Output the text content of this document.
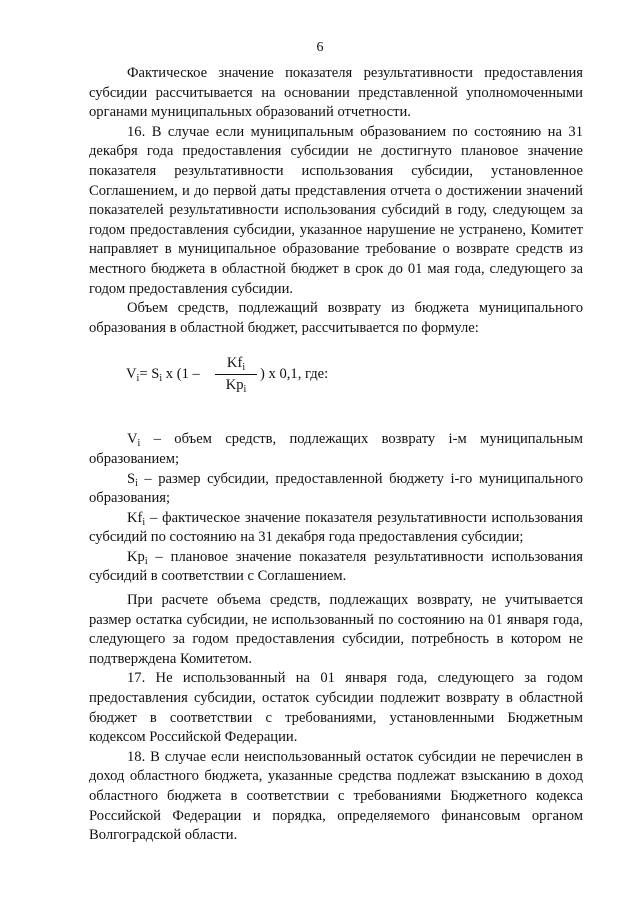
6

Фактическое значение показателя результативности предоставления субсидии рассчитывается на основании представленной уполномоченными органами муниципальных образований отчетности.

16. В случае если муниципальным образованием по состоянию на 31 декабря года предоставления субсидии не достигнуто плановое значение показателя результативности использования субсидии, установленное Соглашением, и до первой даты представления отчета о достижении значений показателей результативности использования субсидий в году, следующем за годом предоставления субсидии, указанное нарушение не устранено, Комитет направляет в муниципальное образование требование о возврате средств из местного бюджета в областной бюджет в срок до 01 мая года, следующего за годом предоставления субсидии.

Объем средств, подлежащий возврату из бюджета муниципального образования в областной бюджет, рассчитывается по формуле:

$V_i$ – объем средств, подлежащих возврату i-м муниципальным образованием;

$S_i$ – размер субсидии, предоставленной бюджету i-го муниципального образования;

$Kf_i$ – фактическое значение показателя результативности использования субсидий по состоянию на 31 декабря года предоставления субсидии;

$Kp_i$ – плановое значение показателя результативности использования субсидий в соответствии с Соглашением.

При расчете объема средств, подлежащих возврату, не учитывается размер остатка субсидии, не использованный по состоянию на 01 января года, следующего за годом предоставления субсидии, потребность в котором не подтверждена Комитетом.

17. Не использованный на 01 января года, следующего за годом предоставления субсидии, остаток субсидии подлежит возврату в областной бюджет в соответствии с требованиями, установленными Бюджетным кодексом Российской Федерации.

18. В случае если неиспользованный остаток субсидии не перечислен в доход областного бюджета, указанные средства подлежат взысканию в доход областного бюджета в соответствии с требованиями Бюджетного кодекса Российской Федерации и порядка, определяемого финансовым органом Волгоградской области.

$V_i= S_i$ x (1 –
$Kf_i$
$Kp_i$
) x 0,1, где:
